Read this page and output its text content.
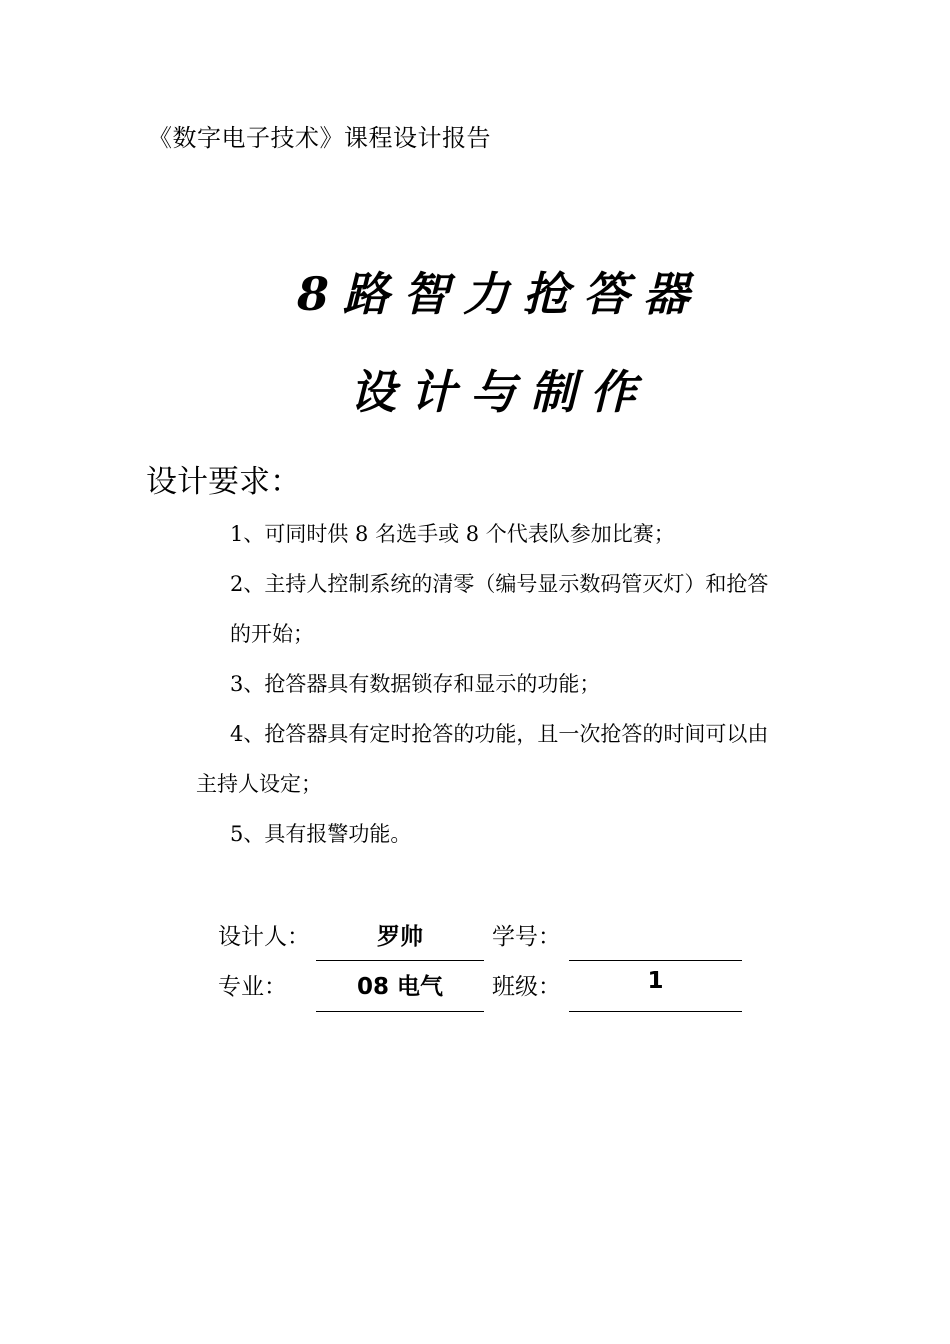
《数字电子技术》课程设计报告
8路智力抢答器
设计与制作
设计要求：
1、可同时供 8 名选手或 8 个代表队参加比赛；
2、主持人控制系统的清零（编号显示数码管灭灯）和抢答
的开始；
3、抢答器具有数据锁存和显示的功能；
4、抢答器具有定时抢答的功能，且一次抢答的时间可以由
主持人设定；
5、具有报警功能。
设计人：	罗帅	学号：
专业：	08 电气	班级：	1
